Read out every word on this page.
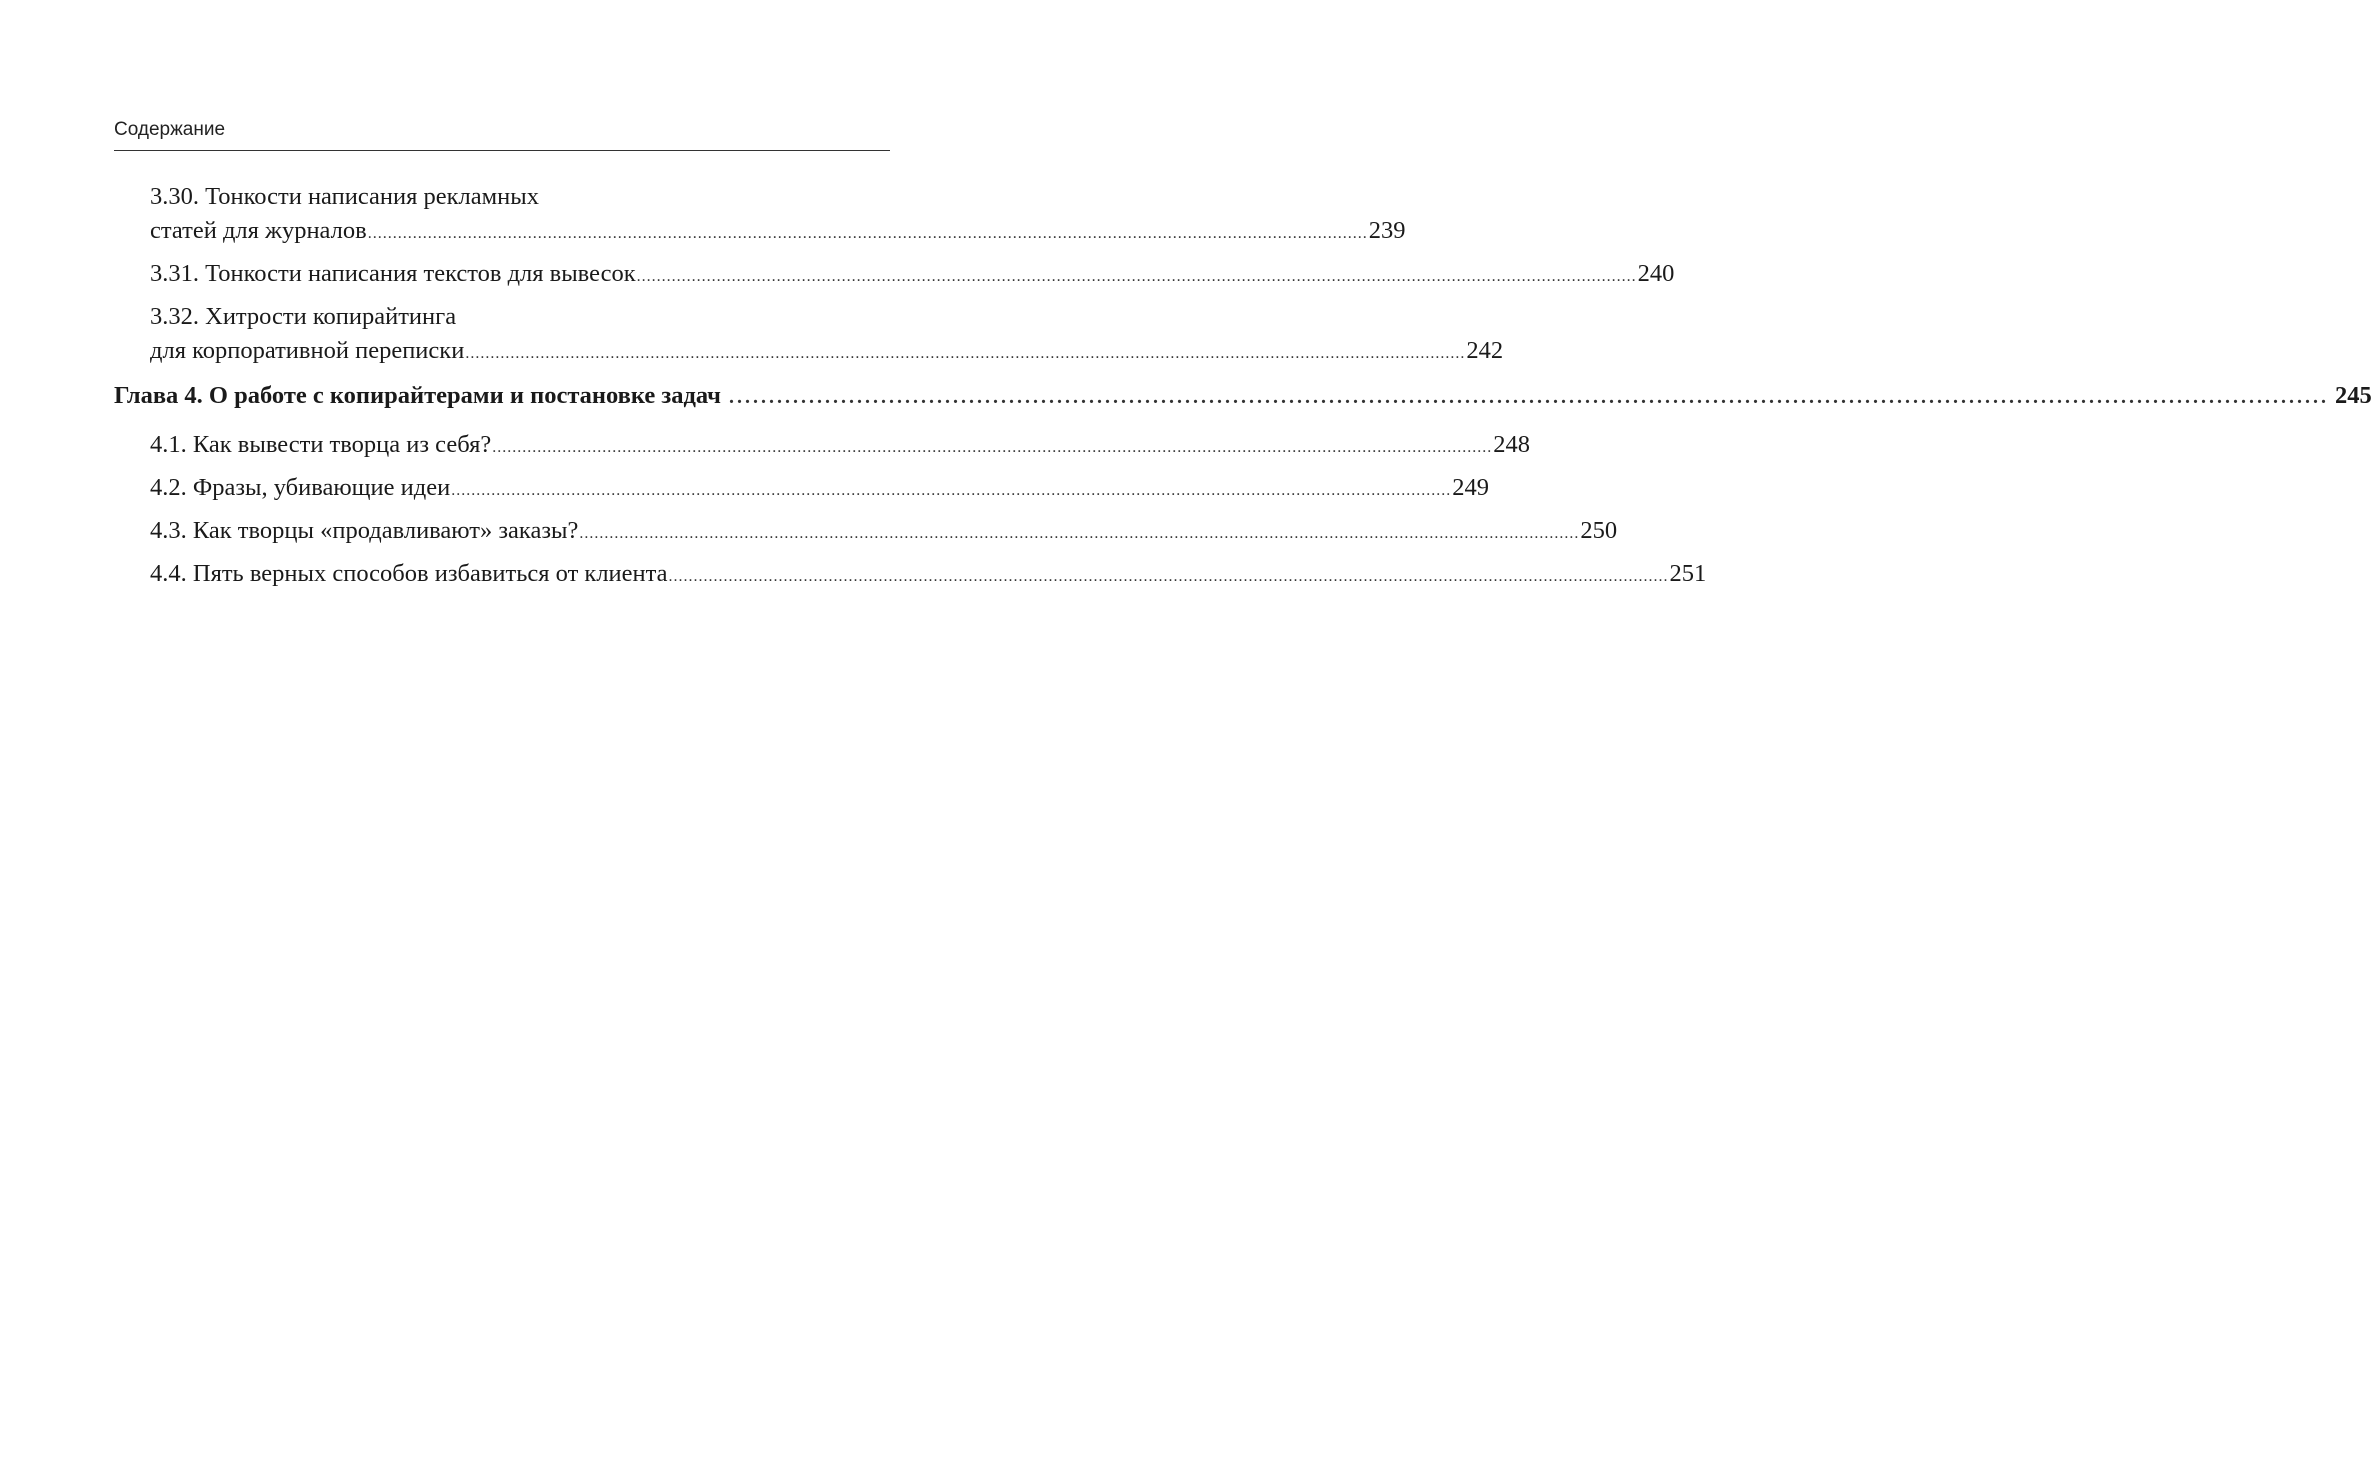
Содержание
3.30. Тонкости написания рекламных
статей для журналов ........................................................................................................................................................................................................ 239
3.31. Тонкости написания текстов для вывесок ........................................................................................................................................................................................................ 240
3.32. Хитрости копирайтинга
для корпоративной переписки ........................................................................................................................................................................................................ 242
Глава 4. О работе с копирайтерами и постановке задач ........................................................................................................................................................................................................ 245
4.1. Как вывести творца из себя? ........................................................................................................................................................................................................ 248
4.2. Фразы, убивающие идеи ........................................................................................................................................................................................................ 249
4.3. Как творцы «продавливают» заказы? ........................................................................................................................................................................................................ 250
4.4. Пять верных способов избавиться от клиента ........................................................................................................................................................................................................ 251
